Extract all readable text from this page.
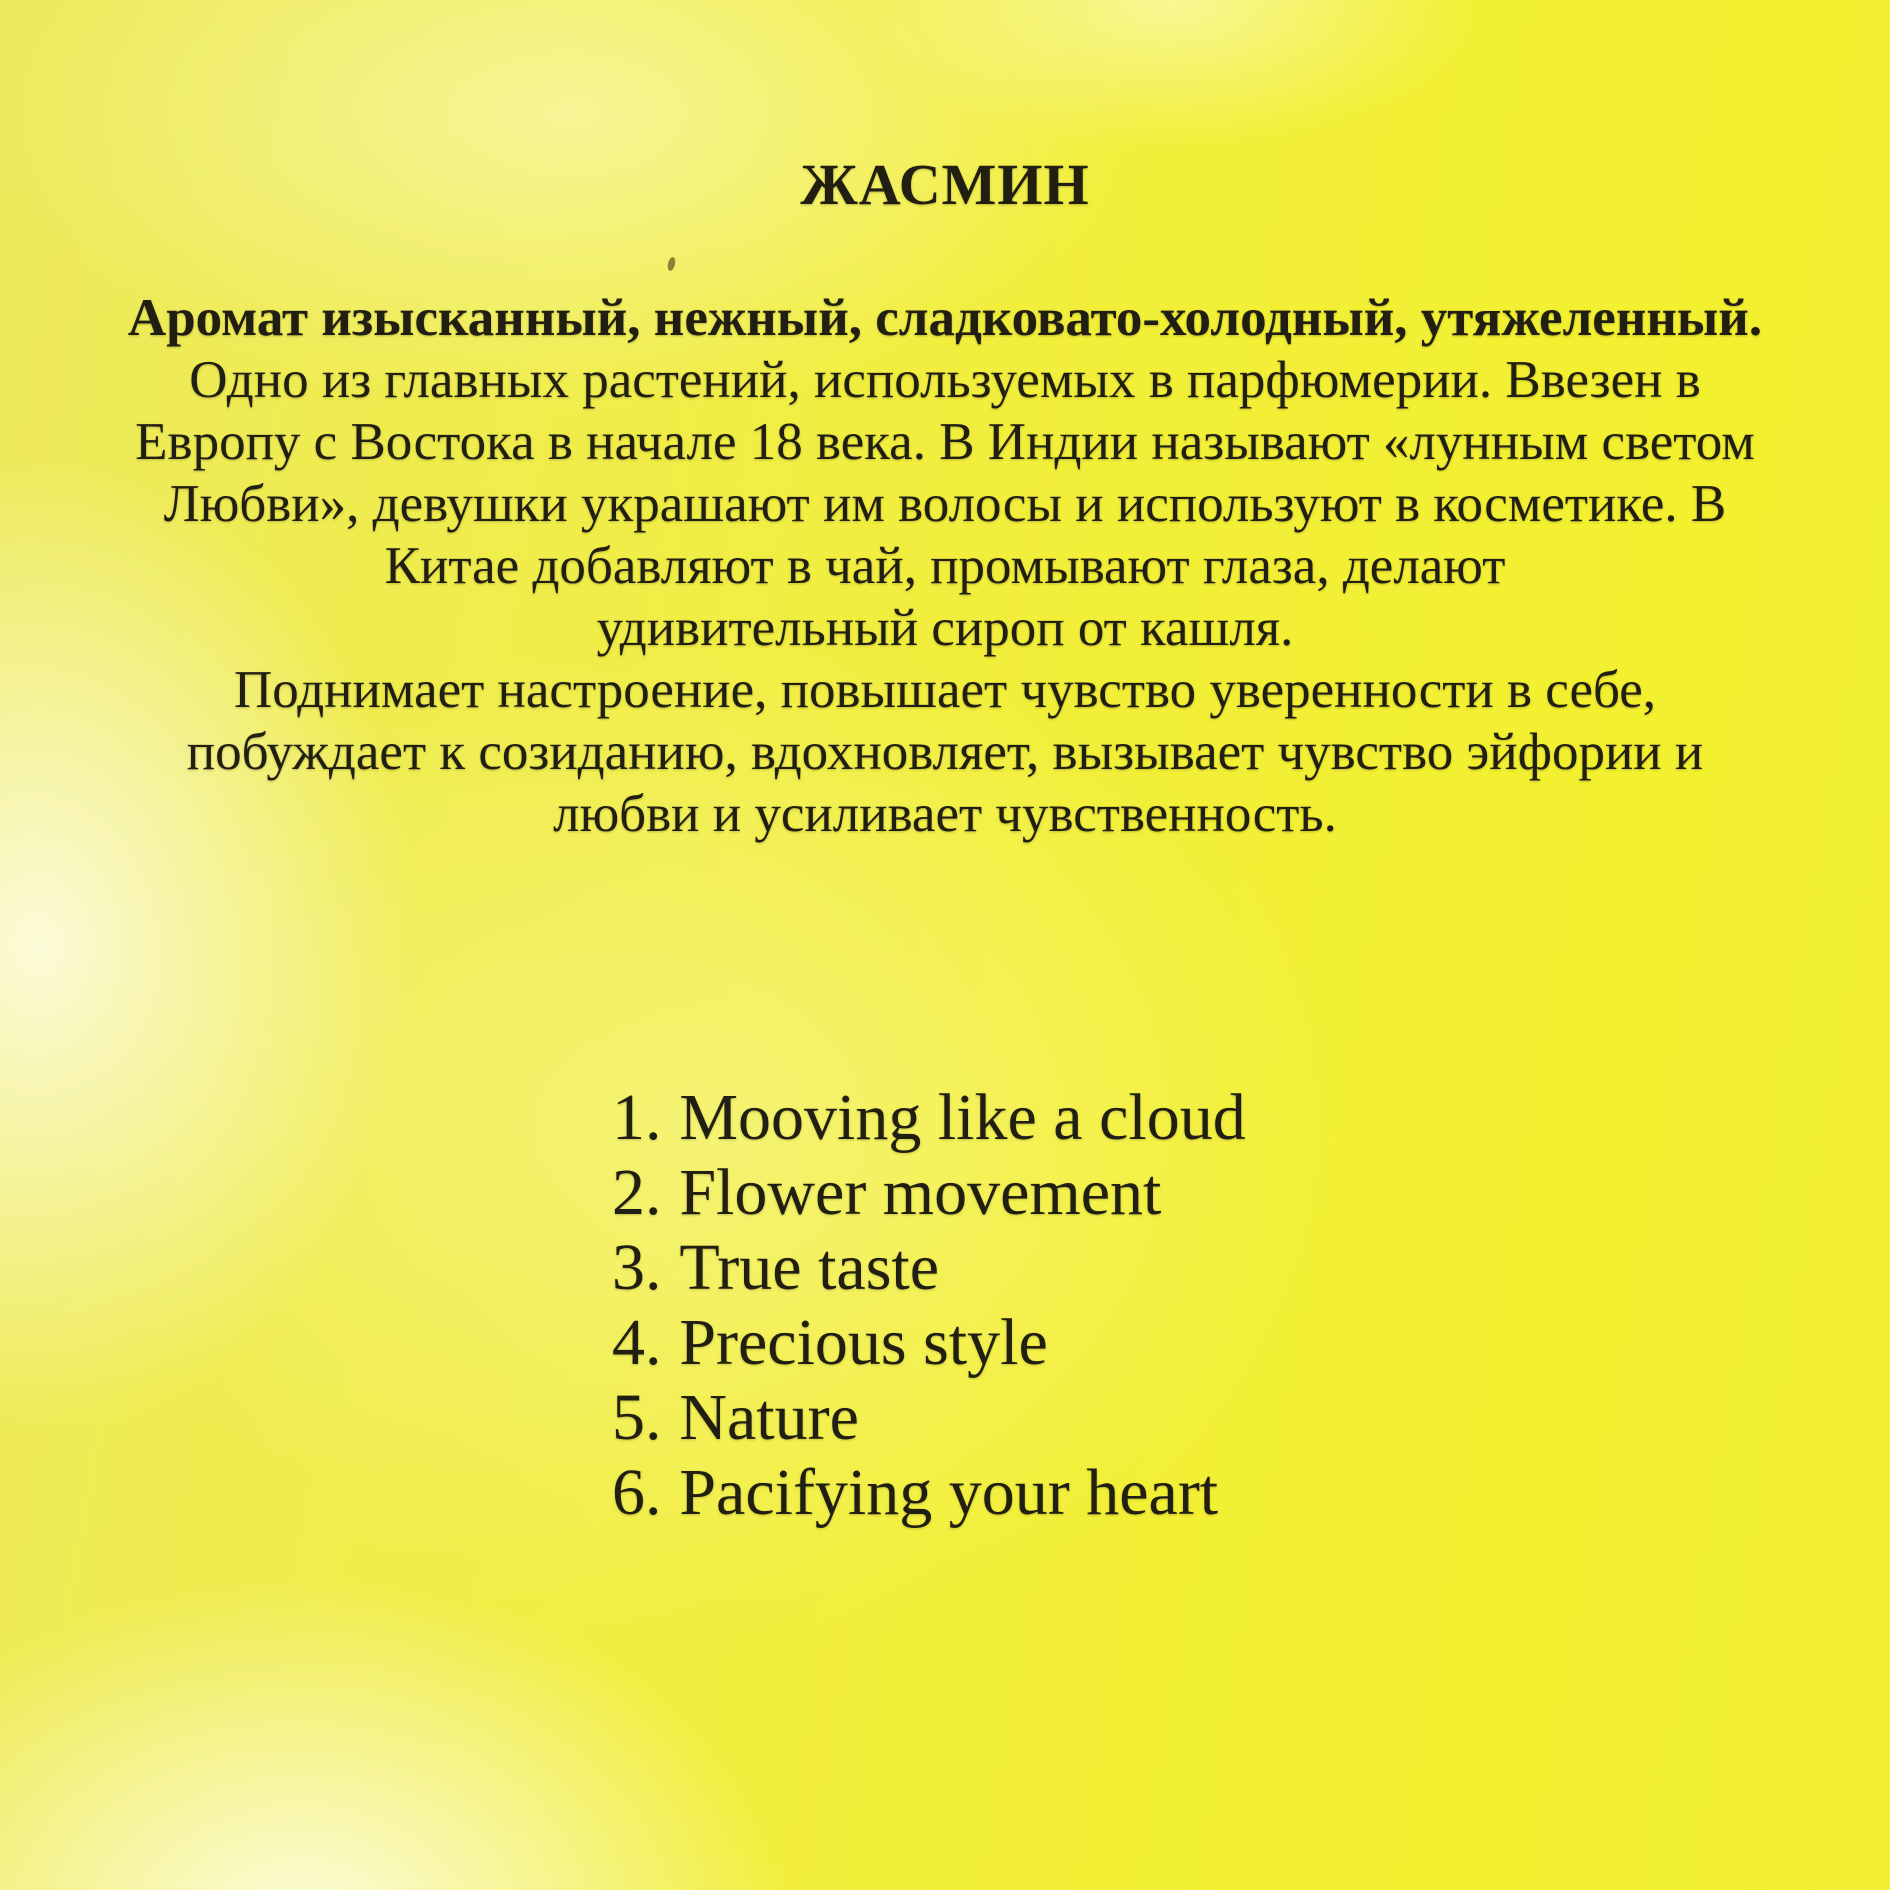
ЖАСМИН

Аромат изысканный, нежный, сладковато-холодный, утяжеленный.

Одно из главных растений, используемых в парфюмерии. Ввезен в

Европу с Востока в начале 18 века. В Индии называют «лунным светом

Любви», девушки украшают им волосы и используют в косметике. В

Китае добавляют в чай, промывают глаза, делают

удивительный сироп от кашля.

Поднимает настроение, повышает чувство уверенности в себе,

побуждает к созиданию, вдохновляет, вызывает чувство эйфории и

любви и усиливает чувственность.

1. Mooving like a cloud
2. Flower movement
3. True taste
4. Precious style
5. Nature
6. Pacifying your heart
